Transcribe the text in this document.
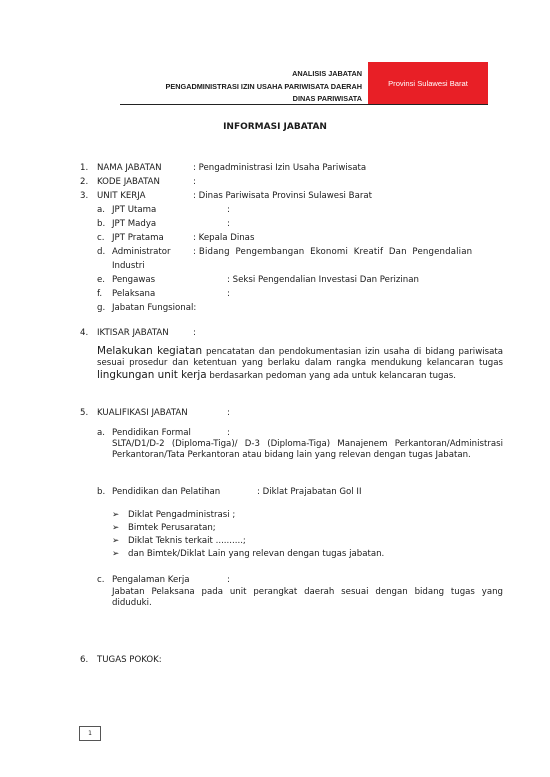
ANALISIS JABATAN
PENGADMINISTRASI IZIN USAHA PARIWISATA DAERAH
DINAS PARIWISATA
Provinsi Sulawesi Barat
INFORMASI JABATAN
1. NAMA JABATAN	: Pengadministrasi Izin Usaha Pariwisata
2. KODE JABATAN	:
3. UNIT KERJA	: Dinas Pariwisata Provinsi Sulawesi Barat
a. JPT Utama	:
b. JPT Madya	:
c. JPT Pratama	: Kepala Dinas
d. Administrator	: Bidang  Pengembangan  Ekonomi  Kreatif  Dan  Pengendalian
Industri
e. Pengawas	: Seksi Pengendalian Investasi Dan Perizinan
f. Pelaksana	:
g. Jabatan Fungsional:
4. IKTISAR JABATAN	:
Melakukan kegiatan pencatatan dan pendokumentasian izin usaha di bidang pariwisata sesuai prosedur dan ketentuan yang berlaku dalam rangka mendukung kelancaran tugas lingkungan unit kerja berdasarkan pedoman yang ada untuk kelancaran tugas.
5. KUALIFIKASI JABATAN	:
a. Pendidikan Formal	:
SLTA/D1/D-2 (Diploma-Tiga)/ D-3 (Diploma-Tiga) Manajenem Perkantoran/Administrasi Perkantoran/Tata Perkantoran atau bidang lain yang relevan dengan tugas Jabatan.
b. Pendidikan dan Pelatihan	: Diklat Prajabatan Gol II
➢ Diklat Pengadministrasi ;
➢ Bimtek Perusaratan;
➢ Diklat Teknis terkait ..........;
➢ dan Bimtek/Diklat Lain yang relevan dengan tugas jabatan.
c. Pengalaman Kerja	:
Jabatan Pelaksana pada unit perangkat daerah sesuai dengan bidang tugas yang diduduki.
6. TUGAS POKOK:
1
